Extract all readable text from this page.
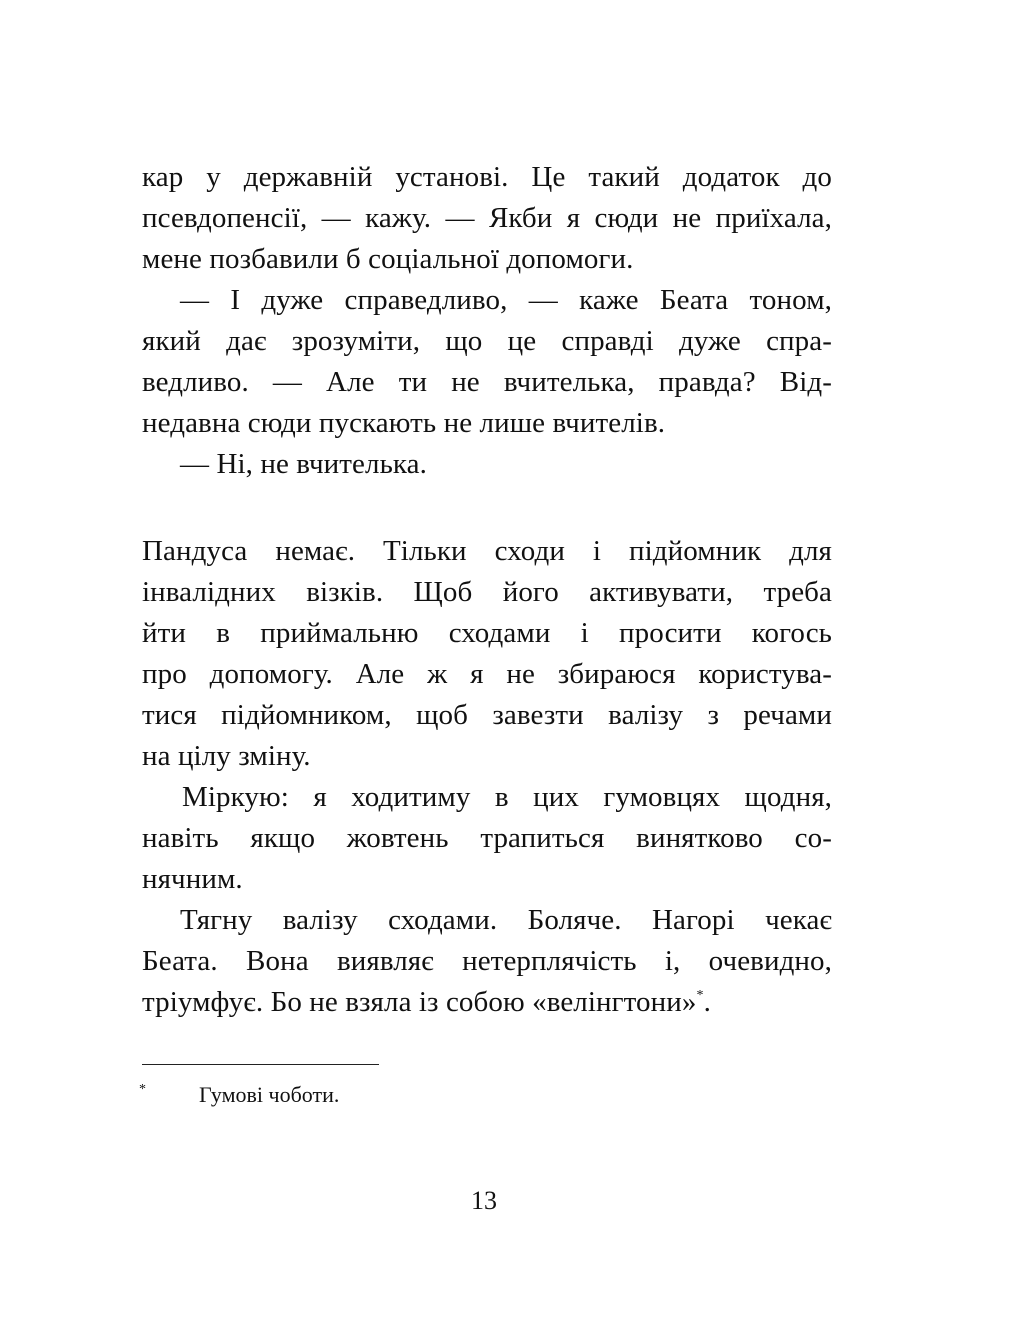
кар у державній установі. Це такий додаток до
псевдопенсії, — кажу. — Якби я сюди не приїхала,
мене позбавили б соціальної допомоги.
— І дуже справедливо, — каже Беата тоном,
який дає зрозуміти, що це справді дуже спра-
ведливо. — Але ти не вчителька, правда? Від-
недавна сюди пускають не лише вчителів.
— Ні, не вчителька.
Пандуса немає. Тільки сходи і підйомник для
інвалідних візків. Щоб його активувати, треба
йти в приймальню сходами і просити когось
про допомогу. Але ж я не збираюся користува-
тися підйомником, щоб завезти валізу з речами
на цілу зміну.
Міркую: я ходитиму в цих гумовцях щодня,
навіть якщо жовтень трапиться винятково со-
нячним.
Тягну валізу сходами. Боляче. Нагорі чекає
Беата. Вона виявляє нетерплячість і, очевидно,
тріумфує. Бо не взяла із собою «велінгтони»*.
* Гумові чоботи.
13
